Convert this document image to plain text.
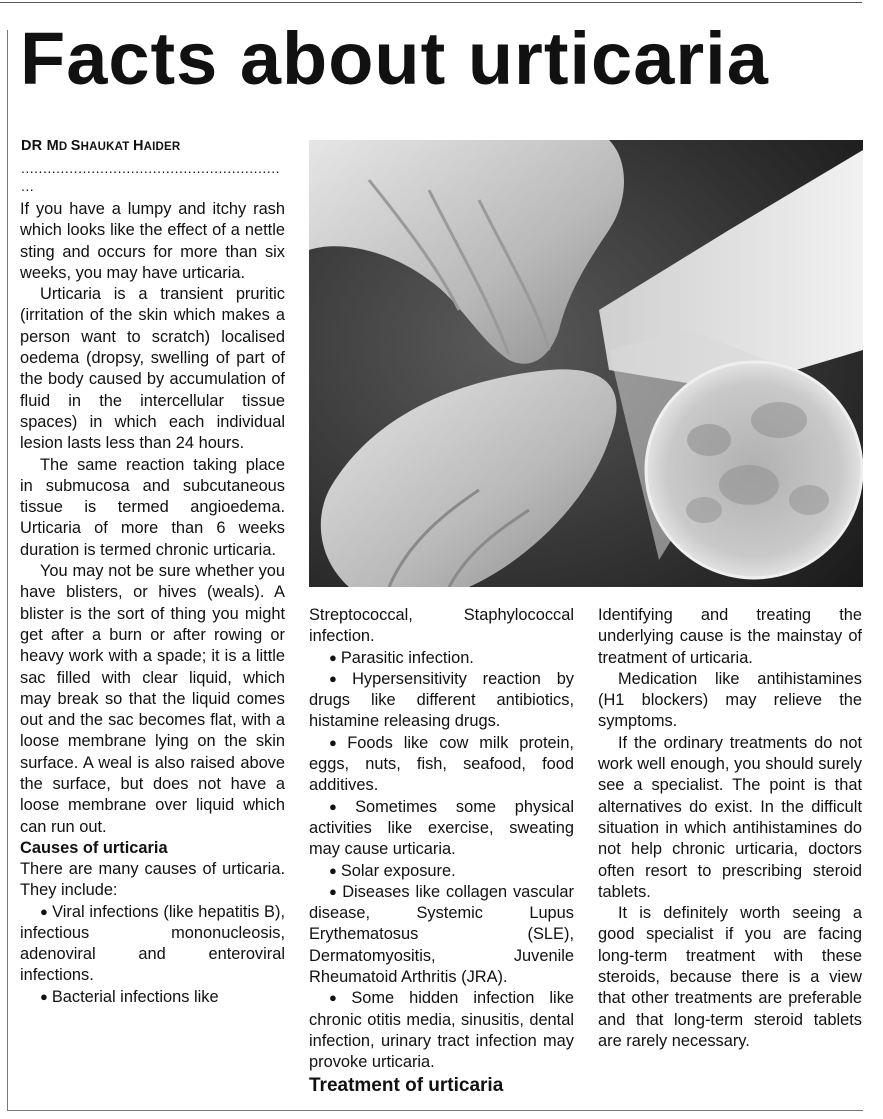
Facts about urticaria
DR MD SHAUKAT HAIDER
...........................................................
...

If you have a lumpy and itchy rash which looks like the effect of a nettle sting and occurs for more than six weeks, you may have urticaria.

Urticaria is a transient pruritic (irritation of the skin which makes a person want to scratch) localised oedema (dropsy, swelling of part of the body caused by accumulation of fluid in the intercellular tissue spaces) in which each individual lesion lasts less than 24 hours.

The same reaction taking place in submucosa and subcutaneous tissue is termed angioedema. Urticaria of more than 6 weeks duration is termed chronic urticaria.

You may not be sure whether you have blisters, or hives (weals). A blister is the sort of thing you might get after a burn or after rowing or heavy work with a spade; it is a little sac filled with clear liquid, which may break so that the liquid comes out and the sac becomes flat, with a loose membrane lying on the skin surface. A weal is also raised above the surface, but does not have a loose membrane over liquid which can run out.

Causes of urticaria

There are many causes of urticaria. They include:

● Viral infections (like hepatitis B), infectious mononucleosis, adenoviral and enteroviral infections.

● Bacterial infections like

Streptococcal, Staphylococcal infection.

● Parasitic infection.

● Hypersensitivity reaction by drugs like different antibiotics, histamine releasing drugs.

● Foods like cow milk protein, eggs, nuts, fish, seafood, food additives.

● Sometimes some physical activities like exercise, sweating may cause urticaria.

● Solar exposure.

● Diseases like collagen vascular disease, Systemic Lupus Erythematosus (SLE), Dermatomyositis, Juvenile Rheumatoid Arthritis (JRA).

● Some hidden infection like chronic otitis media, sinusitis, dental infection, urinary tract infection may provoke urticaria.

Treatment of urticaria

Identifying and treating the underlying cause is the mainstay of treatment of urticaria.

Medication like antihistamines (H1 blockers) may relieve the symptoms.

If the ordinary treatments do not work well enough, you should surely see a specialist. The point is that alternatives do exist. In the difficult situation in which antihistamines do not help chronic urticaria, doctors often resort to prescribing steroid tablets.

It is definitely worth seeing a good specialist if you are facing long-term treatment with these steroids, because there is a view that other treatments are preferable and that long-term steroid tablets are rarely necessary.
